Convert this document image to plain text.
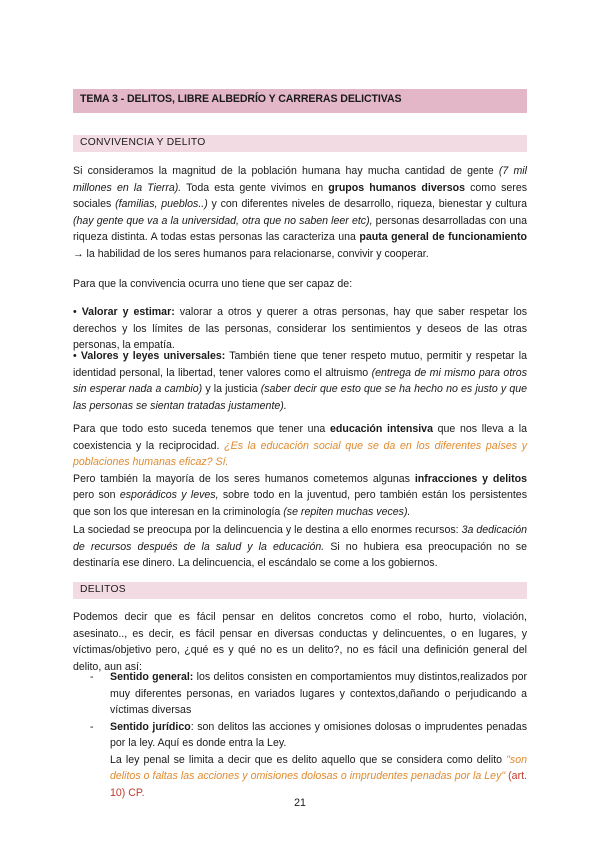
TEMA 3 - DELITOS, LIBRE ALBEDRÍO Y CARRERAS DELICTIVAS
CONVIVENCIA Y DELITO

Si consideramos la magnitud de la población humana hay mucha cantidad de gente (7 mil millones en la Tierra). Toda esta gente vivimos en grupos humanos diversos como seres sociales (familias, pueblos..) y con diferentes niveles de desarrollo, riqueza, bienestar y cultura (hay gente que va a la universidad, otra que no saben leer etc), personas desarrolladas con una riqueza distinta. A todas estas personas las caracteriza una pauta general de funcionamiento → la habilidad de los seres humanos para relacionarse, convivir y cooperar.

Para que la convivencia ocurra uno tiene que ser capaz de:

• Valorar y estimar: valorar a otros y querer a otras personas, hay que saber respetar los derechos y los límites de las personas, considerar los sentimientos y deseos de las otras personas, la empatía.

• Valores y leyes universales: También tiene que tener respeto mutuo, permitir y respetar la identidad personal, la libertad, tener valores como el altruismo (entrega de mi mismo para otros sin esperar nada a cambio) y la justicia (saber decir que esto que se ha hecho no es justo y que las personas se sientan tratadas justamente).

Para que todo esto suceda tenemos que tener una educación intensiva que nos lleva a la coexistencia y la reciprocidad. ¿Es la educación social que se da en los diferentes países y poblaciones humanas eficaz? Sí.
Pero también la mayoría de los seres humanos cometemos algunas infracciones y delitos pero son esporádicos y leves, sobre todo en la juventud, pero también están los persistentes que son los que interesan en la criminología (se repiten muchas veces).

La sociedad se preocupa por la delincuencia y le destina a ello enormes recursos: 3a dedicación de recursos después de la salud y la educación. Si no hubiera esa preocupación no se destinaría ese dinero. La delincuencia, el escándalo se come a los gobiernos.

DELITOS

Podemos decir que es fácil pensar en delitos concretos como el robo, hurto, violación, asesinato.., es decir, es fácil pensar en diversas conductas y delincuentes, o en lugares, y víctimas/objetivo pero, ¿qué es y qué no es un delito?, no es fácil una definición general del delito, aun así:

- Sentido general: los delitos consisten en comportamientos muy distintos,realizados por muy diferentes personas, en variados lugares y contextos,dañando o perjudicando a víctimas diversas
- Sentido jurídico: son delitos las acciones y omisiones dolosas o imprudentes penadas por la ley. Aquí es donde entra la Ley.
La ley penal se limita a decir que es delito aquello que se considera como delito "son delitos o faltas las acciones y omisiones dolosas o imprudentes penadas por la Ley" (art. 10) CP.
21
